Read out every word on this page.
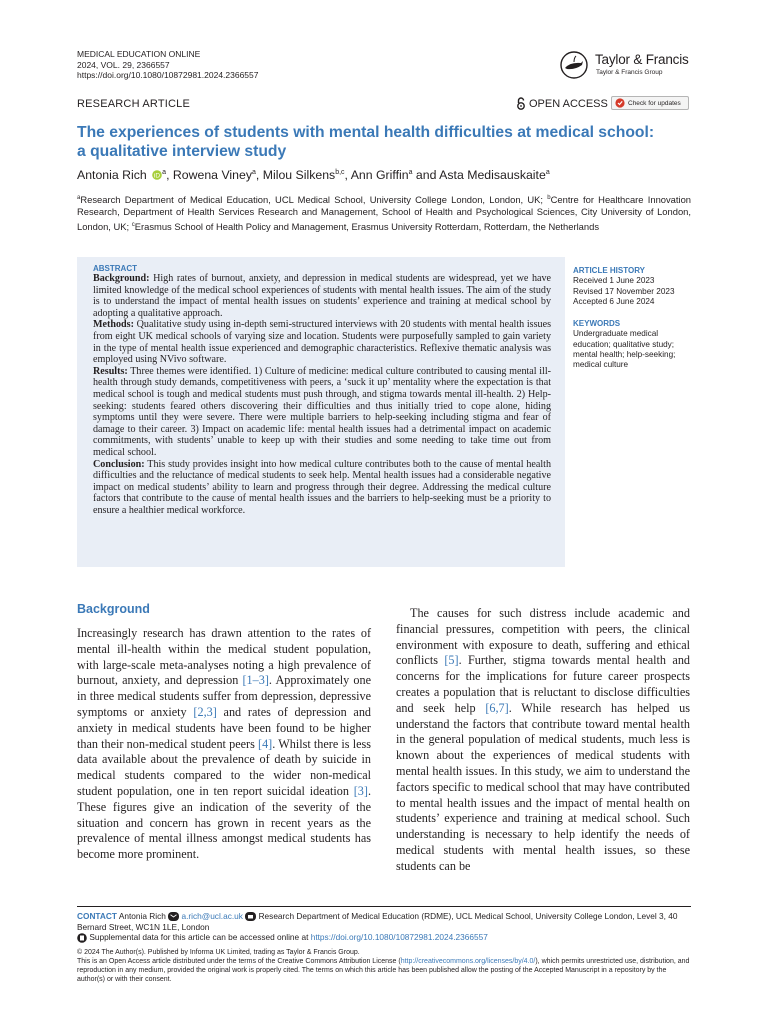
MEDICAL EDUCATION ONLINE
2024, VOL. 29, 2366557
https://doi.org/10.1080/10872981.2024.2366557
Taylor & Francis
Taylor & Francis Group
RESEARCH ARTICLE	OPEN ACCESS	Check for updates
The experiences of students with mental health difficulties at medical school:
a qualitative interview study
Antonia Rich iD $^a$, Rowena Viney$^a$, Milou Silkens$^{b,c}$, Ann Griffin$^a$ and Asta Medisauskaite$^a$
$^a$Research Department of Medical Education, UCL Medical School, University College London, London, UK; $^b$Centre for Healthcare Innovation Research, Department of Health Services Research and Management, School of Health and Psychological Sciences, City University of London, London, UK; $^c$Erasmus School of Health Policy and Management, Erasmus University Rotterdam, Rotterdam, the Netherlands
ABSTRACT
Background: High rates of burnout, anxiety, and depression in medical students are widespread, yet we have limited knowledge of the medical school experiences of students with mental health issues. The aim of the study is to understand the impact of mental health issues on students’ experience and training at medical school by adopting a qualitative approach.
Methods: Qualitative study using in-depth semi-structured interviews with 20 students with mental health issues from eight UK medical schools of varying size and location. Students were purposefully sampled to gain variety in the type of mental health issue experienced and demographic characteristics. Reflexive thematic analysis was employed using NVivo software.
Results: Three themes were identified. 1) Culture of medicine: medical culture contributed to causing mental ill-health through study demands, competitiveness with peers, a ‘suck it up’ mentality where the expectation is that medical school is tough and medical students must push through, and stigma towards mental ill-health. 2) Help-seeking: students feared others discovering their difficulties and thus initially tried to cope alone, hiding symptoms until they were severe. There were multiple barriers to help-seeking including stigma and fear of damage to their career. 3) Impact on academic life: mental health issues had a detrimental impact on academic commitments, with students’ unable to keep up with their studies and some needing to take time out from medical school.
Conclusion: This study provides insight into how medical culture contributes both to the cause of mental health difficulties and the reluctance of medical students to seek help. Mental health issues had a considerable negative impact on medical students’ ability to learn and progress through their degree. Addressing the medical culture factors that contribute to the cause of mental health issues and the barriers to help-seeking must be a priority to ensure a healthier medical workforce.
ARTICLE HISTORY
Received 1 June 2023
Revised 17 November 2023
Accepted 6 June 2024
KEYWORDS
Undergraduate medical education; qualitative study; mental health; help-seeking; medical culture
Background
Increasingly research has drawn attention to the rates of mental ill-health within the medical student population, with large-scale meta-analyses noting a high prevalence of burnout, anxiety, and depression [1–3]. Approximately one in three medical students suffer from depression, depressive symptoms or anxiety [2,3] and rates of depression and anxiety in medical students have been found to be higher than their non-medical student peers [4]. Whilst there is less data available about the prevalence of death by suicide in medical students compared to the wider non-medical student population, one in ten report suicidal ideation [3]. These figures give an indication of the severity of the situation and concern has grown in recent years as the prevalence of mental illness amongst medical students has become more prominent.
The causes for such distress include academic and financial pressures, competition with peers, the clinical environment with exposure to death, suffering and ethical conflicts [5]. Further, stigma towards mental health and concerns for the implications for future career prospects creates a population that is reluctant to disclose difficulties and seek help [6,7]. While research has helped us understand the factors that contribute toward mental health in the general population of medical students, much less is known about the experiences of medical students with mental health issues. In this study, we aim to understand the factors specific to medical school that may have contributed to mental health issues and the impact of mental health on students’ experience and training at medical school. Such understanding is necessary to help identify the needs of medical students with mental health issues, so these students can be
CONTACT Antonia Rich a.rich@ucl.ac.uk Research Department of Medical Education (RDME), UCL Medical School, University College London, Level 3, 40 Bernard Street, WC1N 1LE, London
Supplemental data for this article can be accessed online at https://doi.org/10.1080/10872981.2024.2366557
© 2024 The Author(s). Published by Informa UK Limited, trading as Taylor & Francis Group.
This is an Open Access article distributed under the terms of the Creative Commons Attribution License (http://creativecommons.org/licenses/by/4.0/), which permits unrestricted use, distribution, and reproduction in any medium, provided the original work is properly cited. The terms on which this article has been published allow the posting of the Accepted Manuscript in a repository by the author(s) or with their consent.
